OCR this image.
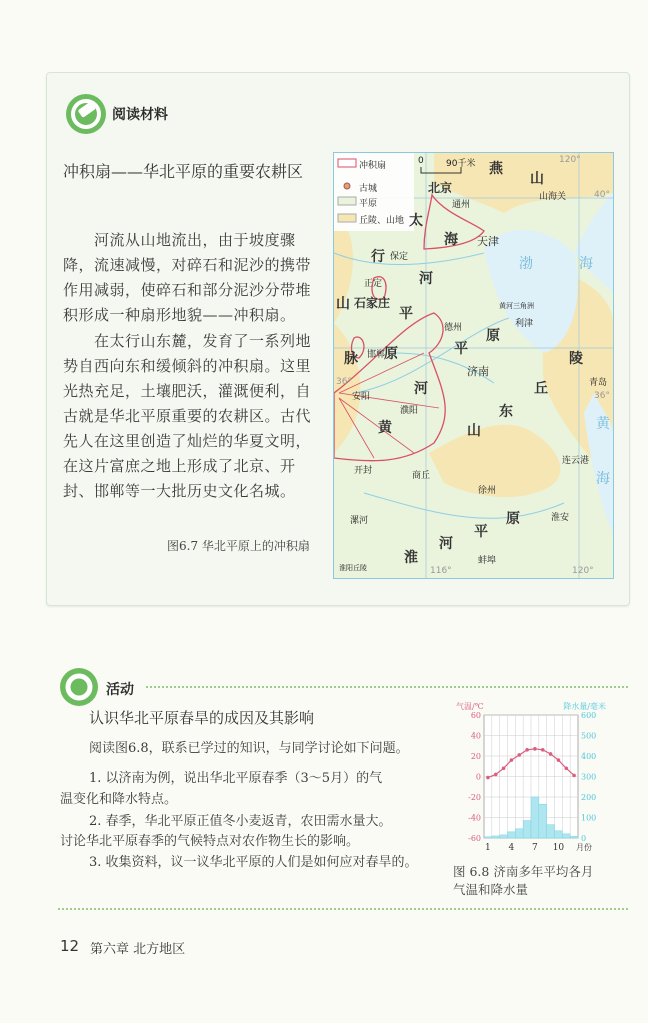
阅读材料
冲积扇——华北平原的重要农耕区
河流从山地流出，由于坡度骤
降，流速减慢，对碎石和泥沙的携带
作用减弱，使碎石和部分泥沙分带堆
积形成一种扇形地貌——冲积扇。
在太行山东麓，发育了一系列地
势自西向东和缓倾斜的冲积扇。这里
光热充足，土壤肥沃，灌溉便利，自
古就是华北平原重要的农耕区。古代
先人在这里创造了灿烂的华夏文明，
在这片富庶之地上形成了北京、开
封、邯郸等一大批历史文化名城。
图6.7 华北平原上的冲积扇
冲积扇
古城
平原
丘陵、山地
0 90千米
北京
通州
天津
保定
正定
石家庄
德州	利津
济南
邯郸
安阳
濮阳
开封	商丘
徐州
漯河	淮安
蚌埠
青岛
连云港
山海关
燕
山
太
行
山
脉
黄
河
海
河
平
原
山
东
丘
陵
平
原
淮
河
平
原
渤	海
黄
海
黄河三角洲
淮阳丘陵
120°
40°
36°
36°
116°	120°
活动
认识华北平原春旱的成因及其影响
阅读图6.8，联系已学过的知识，与同学讨论如下问题。
1. 以济南为例，说出华北平原春季（3～5月）的气
温变化和降水特点。
2. 春季，华北平原正值冬小麦返青，农田需水量大。
讨论华北平原春季的气候特点对农作物生长的影响。
3. 收集资料，议一议华北平原的人们是如何应对春旱的。
60	600
40	500
20	400
0	300
-20	200
-40	100
-60	0
1 4 7 10 月份
气温/℃	降水量/毫米
图 6.8 济南多年平均各月
气温和降水量
12 第六章 北方地区
